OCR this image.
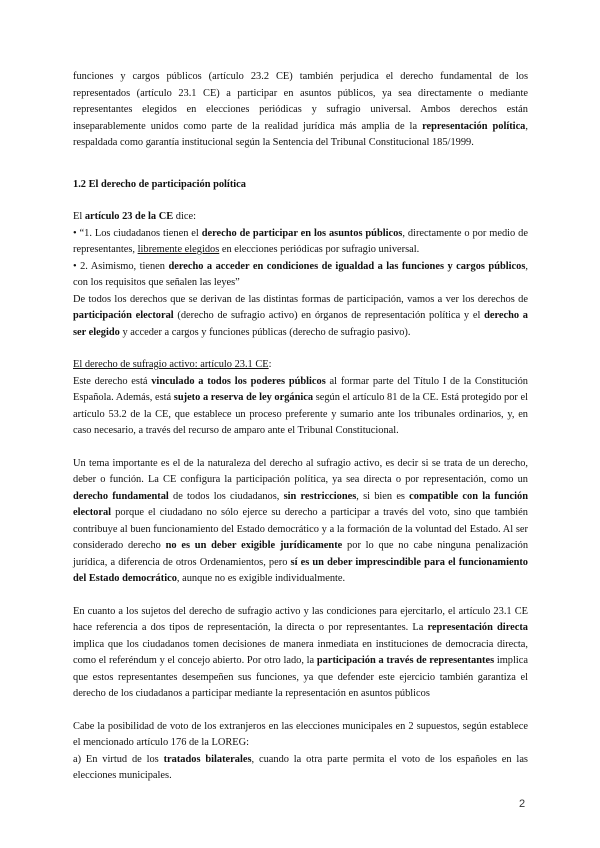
funciones y cargos públicos (artículo 23.2 CE) también perjudica el derecho fundamental de los representados (artículo 23.1 CE) a participar en asuntos públicos, ya sea directamente o mediante representantes elegidos en elecciones periódicas y sufragio universal. Ambos derechos están inseparablemente unidos como parte de la realidad jurídica más amplia de la representación política, respaldada como garantía institucional según la Sentencia del Tribunal Constitucional 185/1999.

1.2 El derecho de participación política

El artículo 23 de la CE dice:

• “1. Los ciudadanos tienen el derecho de participar en los asuntos públicos, directamente o por medio de representantes, libremente elegidos en elecciones periódicas por sufragio universal.

• 2. Asimismo, tienen derecho a acceder en condiciones de igualdad a las funciones y cargos públicos, con los requisitos que señalen las leyes”

De todos los derechos que se derivan de las distintas formas de participación, vamos a ver los derechos de participación electoral (derecho de sufragio activo) en órganos de representación política y el derecho a ser elegido y acceder a cargos y funciones públicas (derecho de sufragio pasivo).

El derecho de sufragio activo: artículo 23.1 CE:

Este derecho está vinculado a todos los poderes públicos al formar parte del Título I de la Constitución Española. Además, está sujeto a reserva de ley orgánica según el artículo 81 de la CE. Está protegido por el artículo 53.2 de la CE, que establece un proceso preferente y sumario ante los tribunales ordinarios, y, en caso necesario, a través del recurso de amparo ante el Tribunal Constitucional.

Un tema importante es el de la naturaleza del derecho al sufragio activo, es decir si se trata de un derecho, deber o función. La CE configura la participación política, ya sea directa o por representación, como un derecho fundamental de todos los ciudadanos, sin restricciones, si bien es compatible con la función electoral porque el ciudadano no sólo ejerce su derecho a participar a través del voto, sino que también contribuye al buen funcionamiento del Estado democrático y a la formación de la voluntad del Estado. Al ser considerado derecho no es un deber exigible jurídicamente por lo que no cabe ninguna penalización jurídica, a diferencia de otros Ordenamientos, pero sí es un deber imprescindible para el funcionamiento del Estado democrático, aunque no es exigible individualmente.

En cuanto a los sujetos del derecho de sufragio activo y las condiciones para ejercitarlo, el artículo 23.1 CE hace referencia a dos tipos de representación, la directa o por representantes. La representación directa implica que los ciudadanos tomen decisiones de manera inmediata en instituciones de democracia directa, como el referéndum y el concejo abierto. Por otro lado, la participación a través de representantes implica que estos representantes desempeñen sus funciones, ya que defender este ejercicio también garantiza el derecho de los ciudadanos a participar mediante la representación en asuntos públicos

Cabe la posibilidad de voto de los extranjeros en las elecciones municipales en 2 supuestos, según establece el mencionado artículo 176 de la LOREG:

a) En virtud de los tratados bilaterales, cuando la otra parte permita el voto de los españoles en las elecciones municipales.

2
